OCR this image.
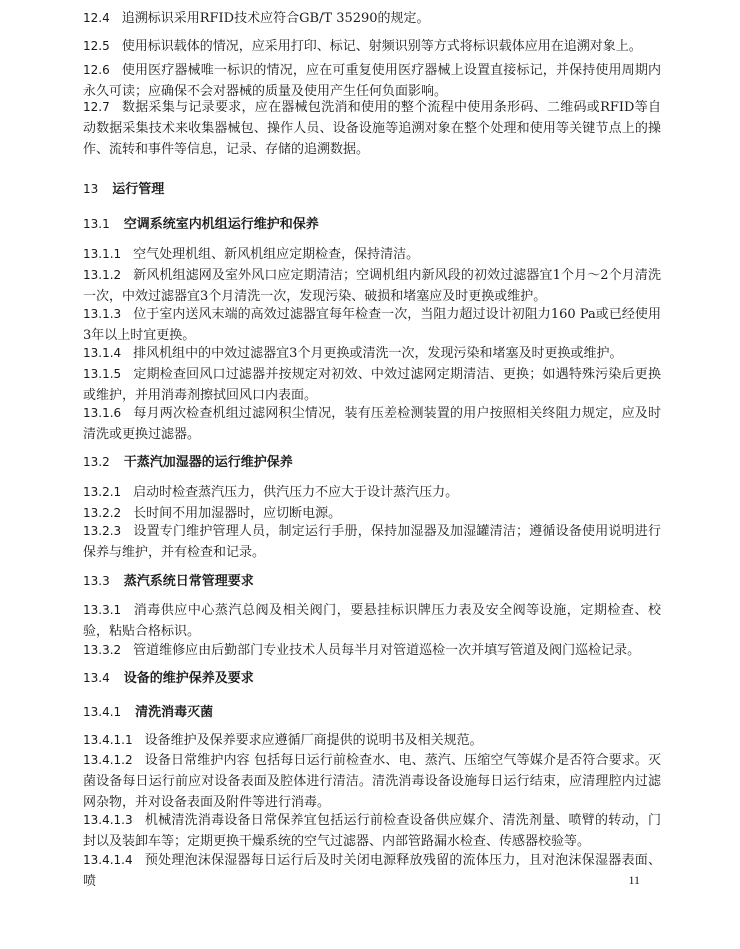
12.4 追溯标识采用RFID技术应符合GB/T 35290的规定。

12.5 使用标识载体的情况，应采用打印、标记、射频识别等方式将标识载体应用在追溯对象上。

12.6 使用医疗器械唯一标识的情况，应在可重复使用医疗器械上设置直接标记，并保持使用周期内永久可读；应确保不会对器械的质量及使用产生任何负面影响。

12.7 数据采集与记录要求，应在器械包洗消和使用的整个流程中使用条形码、二维码或RFID等自动数据采集技术来收集器械包、操作人员、设备设施等追溯对象在整个处理和使用等关键节点上的操作、流转和事件等信息，记录、存储的追溯数据。

13 运行管理
13.1 空调系统室内机组运行维护和保养

13.1.1 空气处理机组、新风机组应定期检查，保持清洁。

13.1.2 新风机组滤网及室外风口应定期清洁；空调机组内新风段的初效过滤器宜1个月～2个月清洗一次，中效过滤器宜3个月清洗一次，发现污染、破损和堵塞应及时更换或维护。

13.1.3 位于室内送风末端的高效过滤器宜每年检查一次，当阻力超过设计初阻力160 Pa或已经使用3年以上时宜更换。

13.1.4 排风机组中的中效过滤器宜3个月更换或清洗一次，发现污染和堵塞及时更换或维护。

13.1.5 定期检查回风口过滤器并按规定对初效、中效过滤网定期清洁、更换；如遇特殊污染后更换或维护，并用消毒剂擦拭回风口内表面。

13.1.6 每月两次检查机组过滤网积尘情况，装有压差检测装置的用户按照相关终阻力规定，应及时清洗或更换过滤器。

13.2 干蒸汽加湿器的运行维护保养

13.2.1 启动时检查蒸汽压力，供汽压力不应大于设计蒸汽压力。

13.2.2 长时间不用加湿器时，应切断电源。

13.2.3 设置专门维护管理人员，制定运行手册，保持加湿器及加湿罐清洁；遵循设备使用说明进行保养与维护，并有检查和记录。

13.3 蒸汽系统日常管理要求

13.3.1 消毒供应中心蒸汽总阀及相关阀门，要悬挂标识牌压力表及安全阀等设施，定期检查、校验，粘贴合格标识。

13.3.2 管道维修应由后勤部门专业技术人员每半月对管道巡检一次并填写管道及阀门巡检记录。

13.4 设备的维护保养及要求
13.4.1 清洗消毒灭菌

13.4.1.1 设备维护及保养要求应遵循厂商提供的说明书及相关规范。

13.4.1.2 设备日常维护内容 包括每日运行前检查水、电、蒸汽、压缩空气等媒介是否符合要求。灭菌设备每日运行前应对设备表面及腔体进行清洁。清洗消毒设备设施每日运行结束，应清理腔内过滤网杂物，并对设备表面及附件等进行消毒。

13.4.1.3 机械清洗消毒设备日常保养宜包括运行前检查设备供应媒介、清洗剂量、喷臂的转动，门封以及装卸车等；定期更换干燥系统的空气过滤器、内部管路漏水检查、传感器校验等。

13.4.1.4 预处理泡沫保湿器每日运行后及时关闭电源释放残留的流体压力，且对泡沫保湿器表面、喷	11
